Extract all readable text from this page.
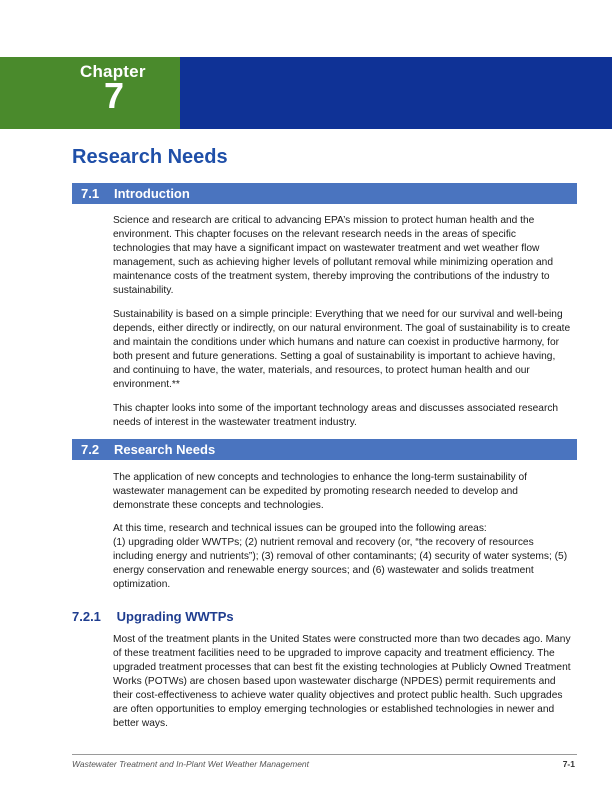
Chapter
7
Research Needs
7.1	Introduction

Science and research are critical to advancing EPA’s mission to protect human health and the environment. This chapter focuses on the relevant research needs in the areas of specific technologies that may have a significant impact on wastewater treatment and wet weather flow management, such as achieving higher levels of pollutant removal while minimizing operation and maintenance costs of the treatment system, thereby improving the contributions of the industry to sustainability.

Sustainability is based on a simple principle: Everything that we need for our survival and well-being depends, either directly or indirectly, on our natural environment. The goal of sustainability is to create and maintain the conditions under which humans and nature can coexist in productive harmony, for both present and future generations. Setting a goal of sustainability is important to achieve having, and continuing to have, the water, materials, and resources, to protect human health and our environment.**

This chapter looks into some of the important technology areas and discusses associated research needs of interest in the wastewater treatment industry.

7.2	Research Needs

The application of new concepts and technologies to enhance the long-term sustainability of wastewater management can be expedited by promoting research needed to develop and demonstrate these concepts and technologies.

At this time, research and technical issues can be grouped into the following areas:

(1) upgrading older WWTPs; (2) nutrient removal and recovery (or, “the recovery of resources including energy and nutrients”); (3) removal of other contaminants; (4) security of water systems; (5) energy conservation and renewable energy sources; and (6) wastewater and solids treatment optimization.

7.2.1 Upgrading WWTPs

Most of the treatment plants in the United States were constructed more than two decades ago. Many of these treatment facilities need to be upgraded to improve capacity and treatment efficiency. The upgraded treatment processes that can best fit the existing technologies at Publicly Owned Treatment Works (POTWs) are chosen based upon wastewater discharge (NPDES) permit requirements and their cost-effectiveness to achieve water quality objectives and protect public health. Such upgrades are often opportunities to employ emerging technologies or established technologies in newer and better ways.

Wastewater Treatment and In-Plant Wet Weather Management	7-1
